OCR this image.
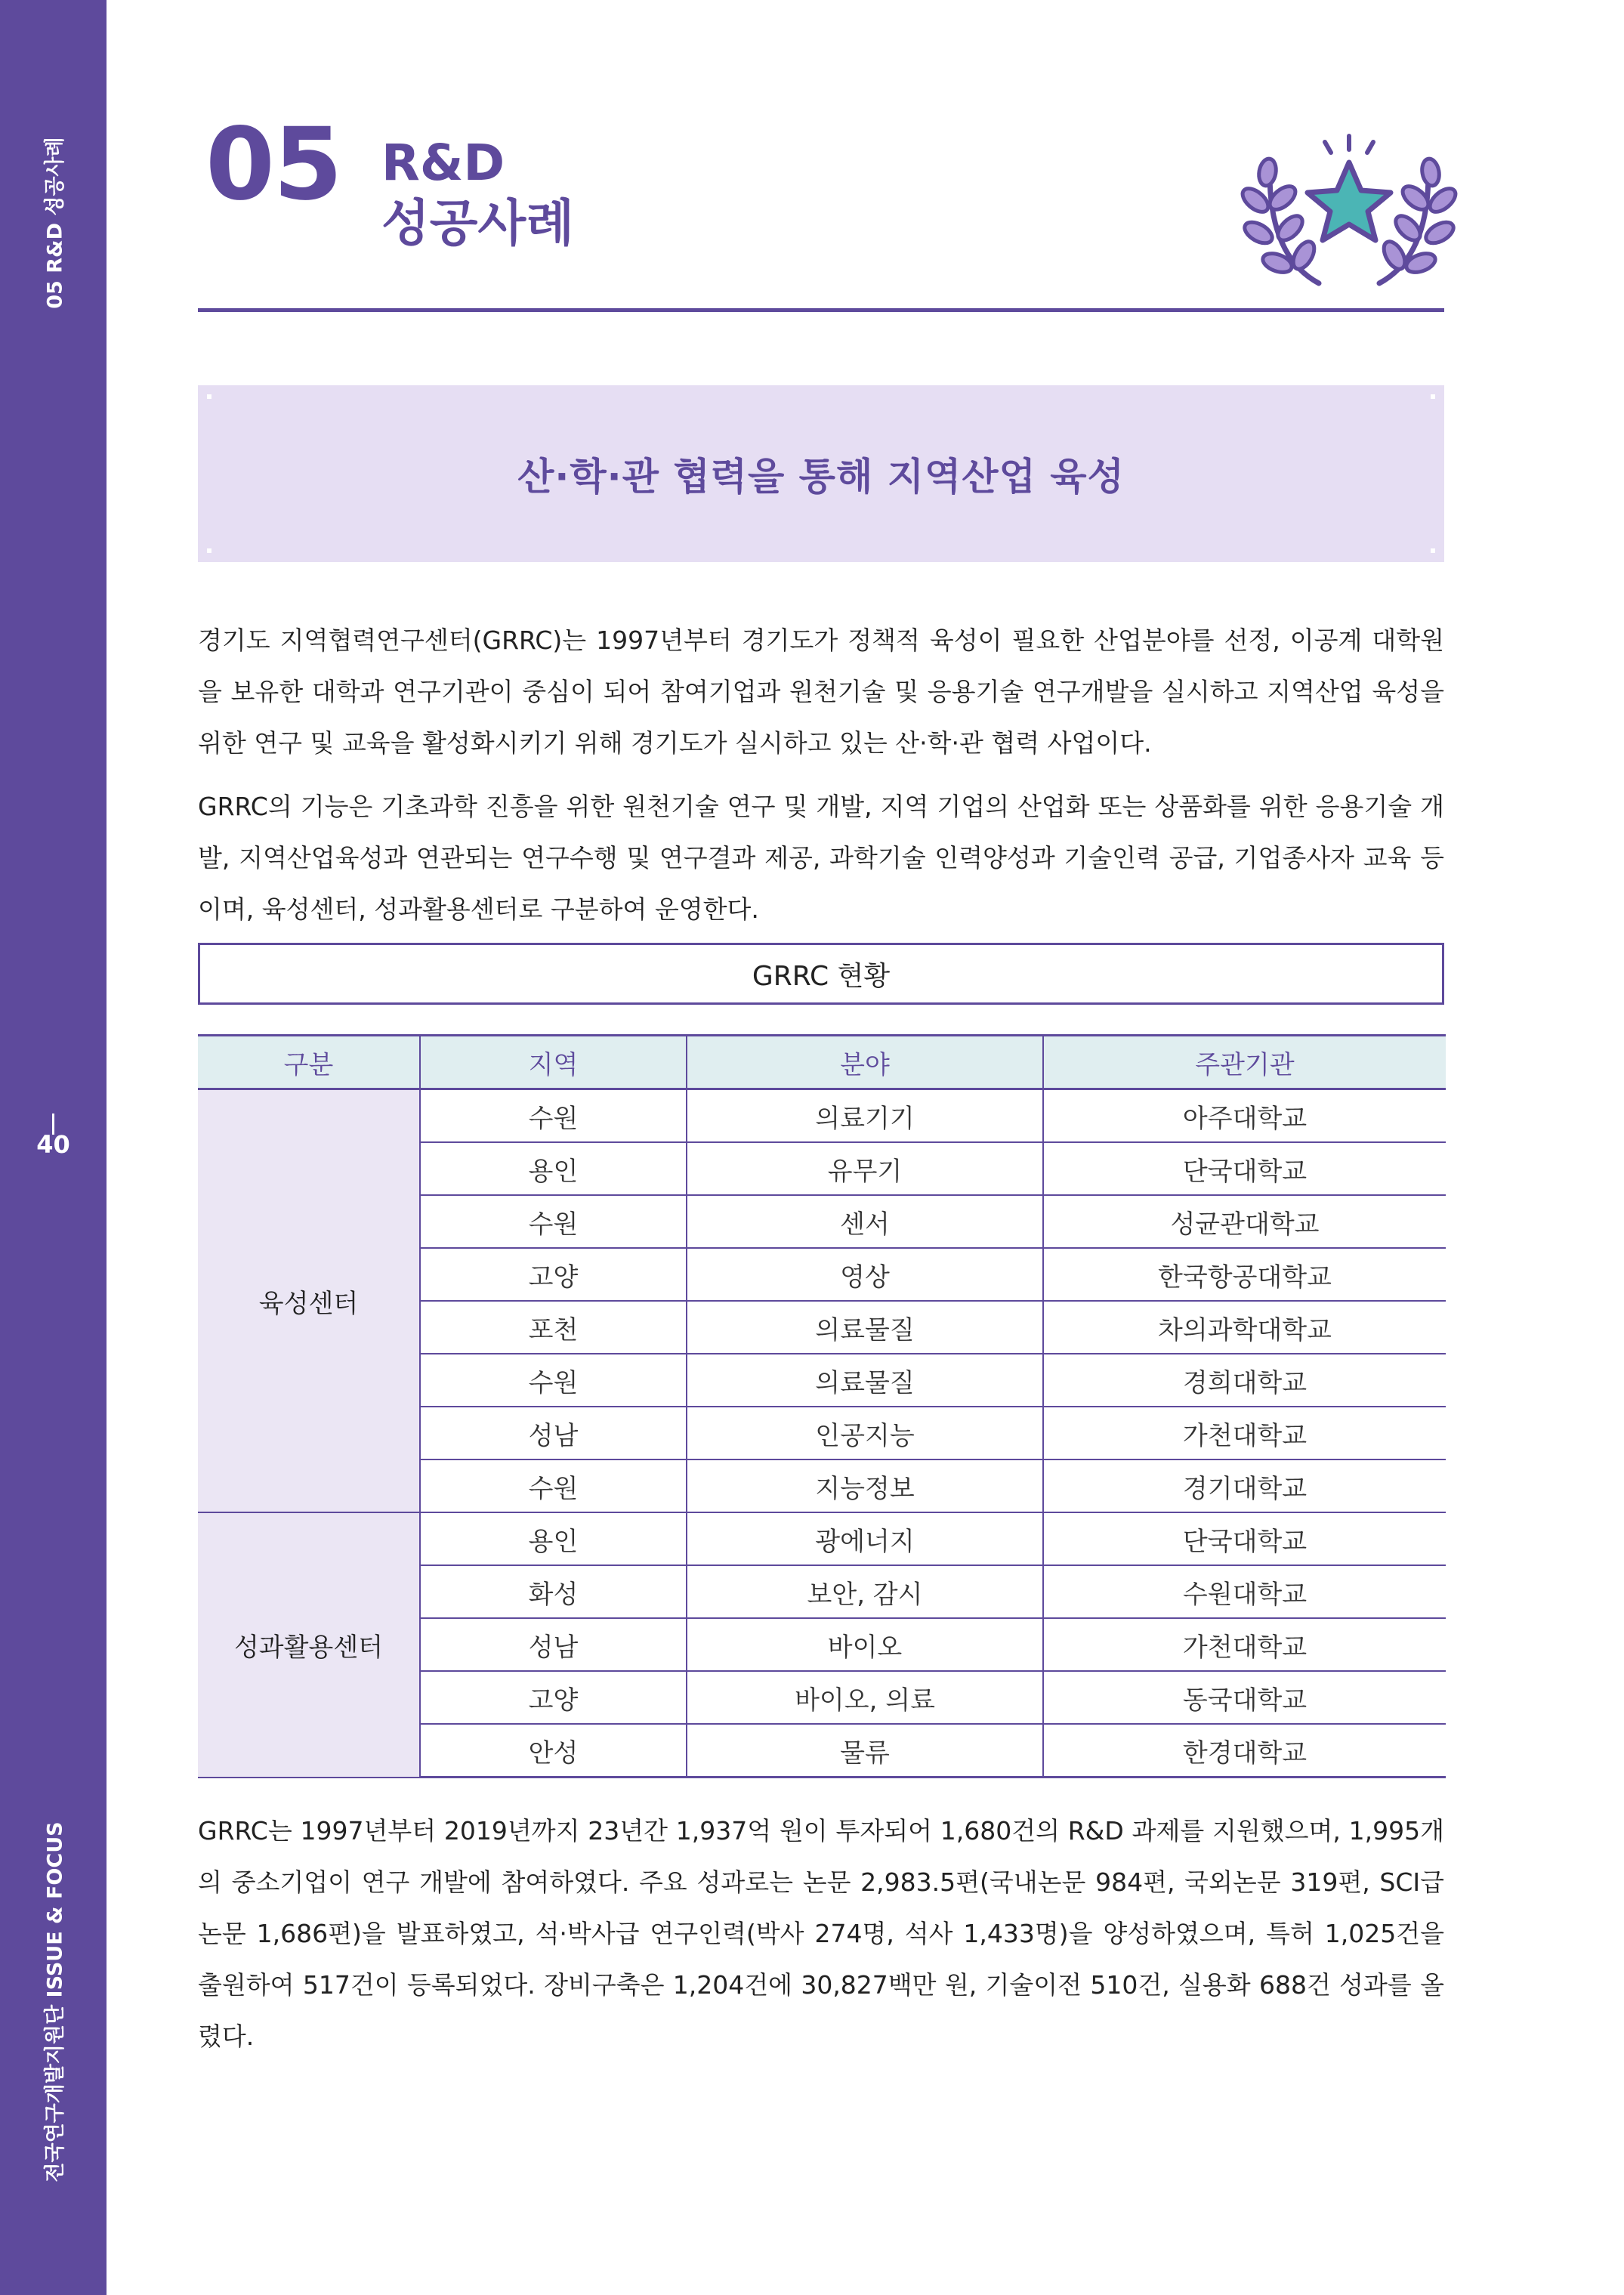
05 R&D 성공사례
40
전국연구개발지원단 ISSUE & FOCUS
05 R&D
성공사례
산·학·관 협력을 통해 지역산업 육성

경기도 지역협력연구센터(GRRC)는 1997년부터 경기도가 정책적 육성이 필요한 산업분야를 선정, 이공계 대학원을 보유한 대학과 연구기관이 중심이 되어 참여기업과 원천기술 및 응용기술 연구개발을 실시하고 지역산업 육성을 위한 연구 및 교육을 활성화시키기 위해 경기도가 실시하고 있는 산·학·관 협력 사업이다.

GRRC의 기능은 기초과학 진흥을 위한 원천기술 연구 및 개발, 지역 기업의 산업화 또는 상품화를 위한 응용기술 개발, 지역산업육성과 연관되는 연구수행 및 연구결과 제공, 과학기술 인력양성과 기술인력 공급, 기업종사자 교육 등이며, 육성센터, 성과활용센터로 구분하여 운영한다.

GRRC 현황
구분	지역	분야	주관기관
육성센터	수원	의료기기	아주대학교
	용인	유무기	단국대학교
	수원	센서	성균관대학교
	고양	영상	한국항공대학교
	포천	의료물질	차의과학대학교
	수원	의료물질	경희대학교
	성남	인공지능	가천대학교
	수원	지능정보	경기대학교
성과활용센터	용인	광에너지	단국대학교
	화성	보안, 감시	수원대학교
	성남	바이오	가천대학교
	고양	바이오, 의료	동국대학교
	안성	물류	한경대학교

GRRC는 1997년부터 2019년까지 23년간 1,937억 원이 투자되어 1,680건의 R&D 과제를 지원했으며, 1,995개의 중소기업이 연구 개발에 참여하였다. 주요 성과로는 논문 2,983.5편(국내논문 984편, 국외논문 319편, SCI급 논문 1,686편)을 발표하였고, 석·박사급 연구인력(박사 274명, 석사 1,433명)을 양성하였으며, 특허 1,025건을 출원하여 517건이 등록되었다. 장비구축은 1,204건에 30,827백만 원, 기술이전 510건, 실용화 688건 성과를 올렸다.
